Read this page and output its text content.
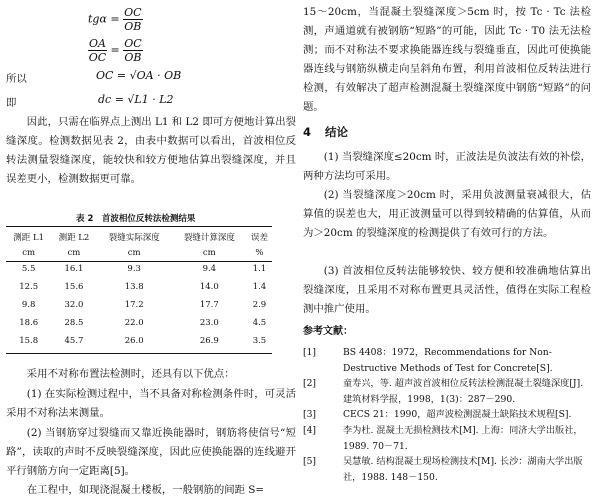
$tg\alpha = \frac{OC}{OB}$
$\frac{OA}{OC} = \frac{OC}{OB}$
所以	OC = √OA · OB
即	dc = √L1 · L2

因此，只需在临界点上测出 L1 和 L2 即可方便地计算出裂缝深度。检测数据见表 2，由表中数据可以看出，首波相位反转法测量裂缝深度，能较快和较方便地估算出裂缝深度，并且误差更小，检测数据更可靠。

表 2　首波相位反转法检测结果
测距 L1	测距 L2	裂缝实际深度	裂缝计算深度	误差
cm	cm	cm	cm	%
5.5	16.1	9.3	9.4	1.1
12.5	15.6	13.8	14.0	1.4
9.8	32.0	17.2	17.7	2.9
18.6	28.5	22.0	23.0	4.5
15.8	45.7	26.0	26.9	3.5

采用不对称布置法检测时，还具有以下优点：

(1) 在实际检测过程中，当不具备对称检测条件时，可灵活采用不对称法来测量。

(2) 当钢筋穿过裂缝而又靠近换能器时，钢筋将使信号“短路”，读取的声时不反映裂缝深度，因此应使换能器的连线避开平行钢筋方向一定距离[5]。

在工程中，如现浇混凝土楼板，一般钢筋的间距 S=

15～20cm，当混凝土裂缝深度＞5cm 时，按 Tc · Tc 法检测，声通道就有被钢筋“短路”的可能，因此 Tc · T0 法无法检测；而不对称法不要求换能器连线与裂缝垂直，因此可使换能器连线与钢筋纵横走向呈斜角布置，利用首波相位反转法进行检测，有效解决了超声检测混凝土裂缝深度中钢筋“短路”的问题。

4 结论

(1) 当裂缝深度≤20cm 时，正波法是负波法有效的补偿，两种方法均可采用。

(2) 当裂缝深度＞20cm 时，采用负波测量衰减很大，估算值的误差也大，用正波测量可以得到较精确的估算值，从而为＞20cm 的裂缝深度的检测提供了有效可行的方法。

(3) 首波相位反转法能够较快、较方便和较准确地估算出裂缝深度，且采用不对称布置更具灵活性，值得在实际工程检测中推广使用。

参考文献：
[1]	BS 4408：1972，Recommendations for Non-Destructive Methods of Test for Concrete[S].
[2]	童寿兴，等. 超声波首波相位反转法检测混凝土裂缝深度[J]. 建筑材料学报，1998，1(3)：287－290.
[3]	CECS 21：1990，超声波检测混凝土缺陷技术规程[S].
[4]	李为杜. 混凝土无损检测技术[M]. 上海：同济大学出版社，1989. 70－71.
[5]	吴慧敏. 结构混凝土现场检测技术[M]. 长沙：湖南大学出版社，1988. 148－150.
